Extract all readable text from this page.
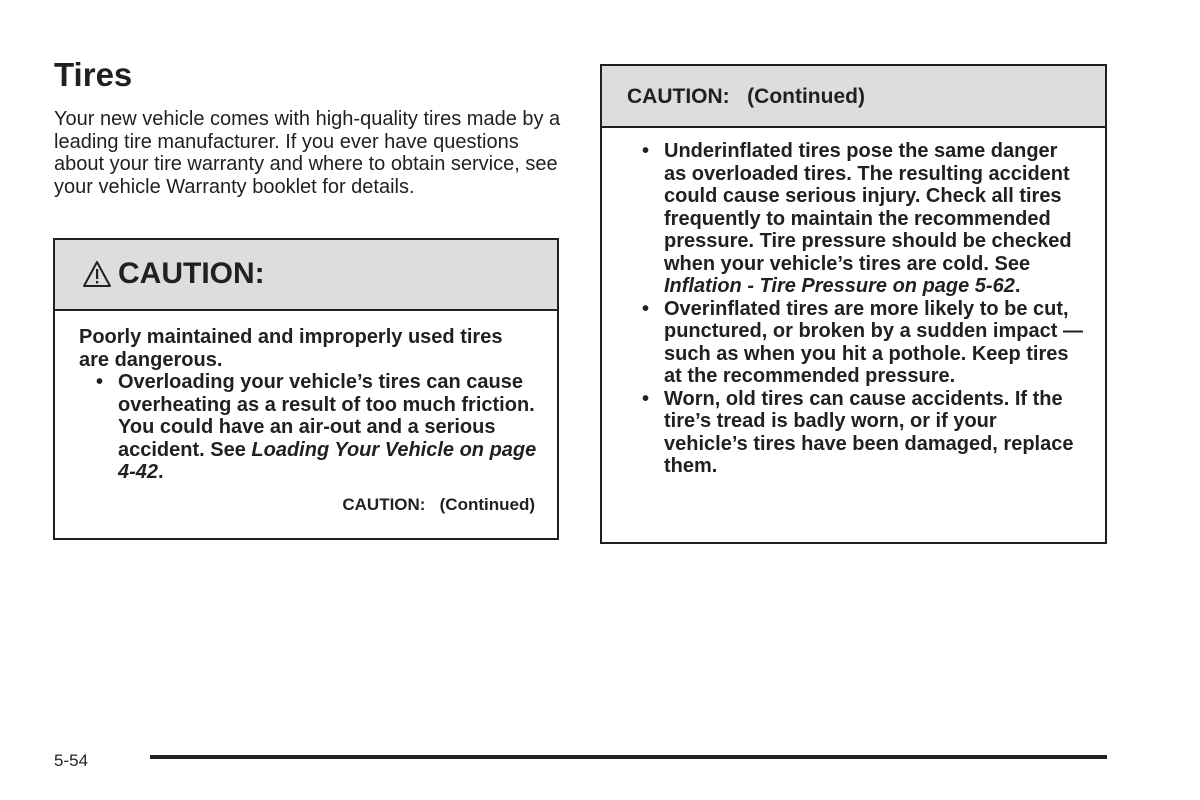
Tires

Your new vehicle comes with high-quality tires made by a leading tire manufacturer. If you ever have questions about your tire warranty and where to obtain service, see your vehicle Warranty booklet for details.

CAUTION:

Poorly maintained and improperly used tires are dangerous.

• Overloading your vehicle’s tires can cause overheating as a result of too much friction. You could have an air-out and a serious accident. See Loading Your Vehicle on page 4-42.
CAUTION:   (Continued)
CAUTION:   (Continued)
• Underinflated tires pose the same danger as overloaded tires. The resulting accident could cause serious injury. Check all tires frequently to maintain the recommended pressure. Tire pressure should be checked when your vehicle’s tires are cold. See Inflation - Tire Pressure on page 5-62.
• Overinflated tires are more likely to be cut, punctured, or broken by a sudden impact — such as when you hit a pothole. Keep tires at the recommended pressure.
• Worn, old tires can cause accidents. If the tire’s tread is badly worn, or if your vehicle’s tires have been damaged, replace them.
5-54
